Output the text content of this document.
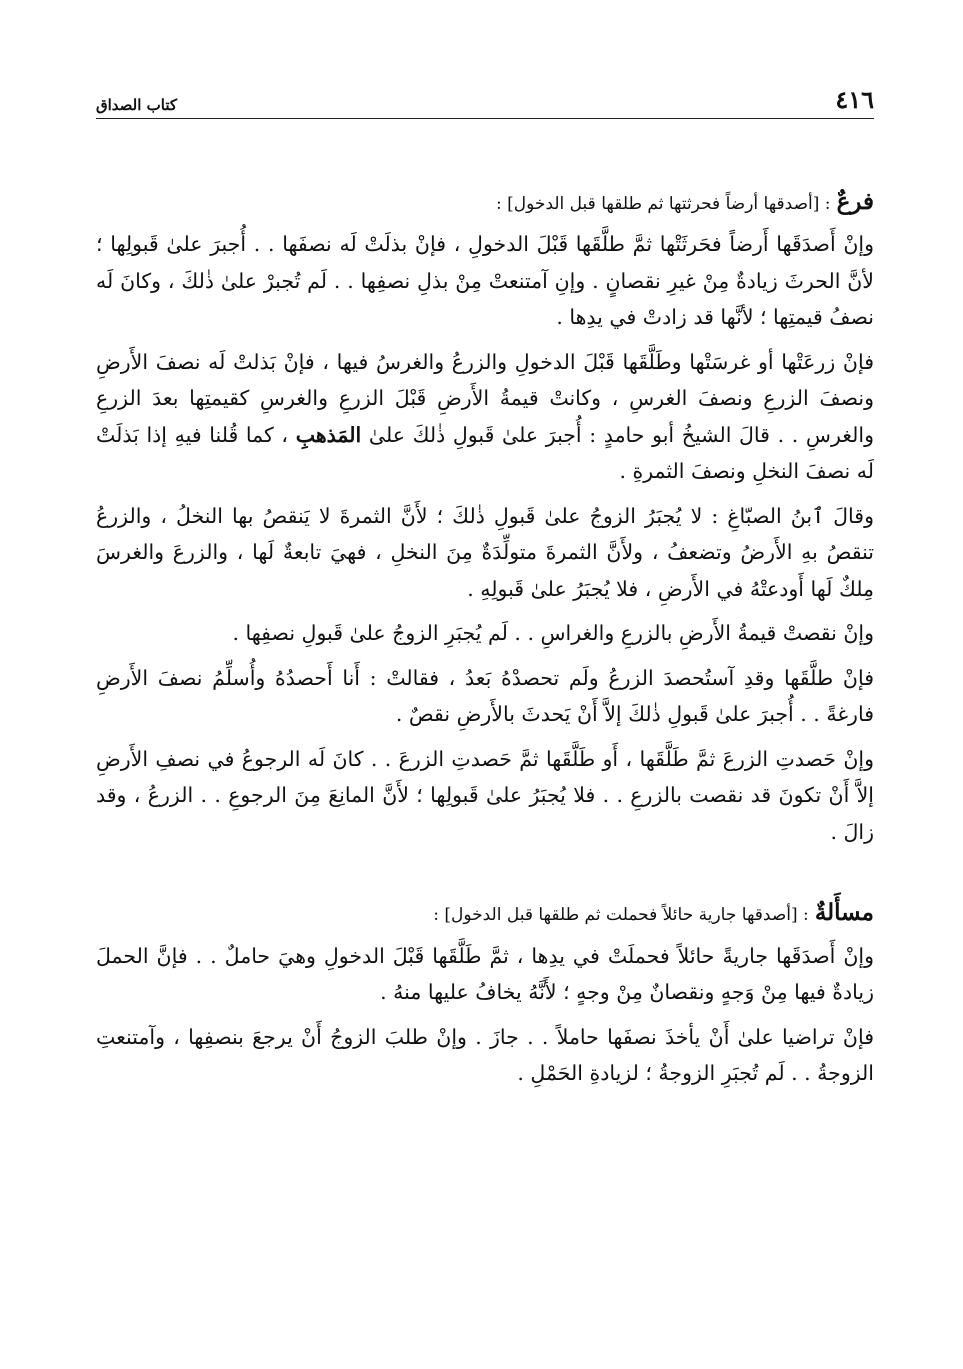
٤١٦
كتاب الصداق
فرعٌ : [أصدقها أرضاً فحرثتها ثم طلقها قبل الدخول] :

وإنْ أَصدَقَها أَرضاً فحَرثَتْها ثمَّ طلَّقَها قَبْلَ الدخولِ ، فإنْ بذلَتْ لَه نصفَها . . أُجبرَ علىٰ قَبولِها ؛ لأنَّ الحرثَ زيادةٌ مِنْ غيرِ نقصانٍ . وإنِ آمتنعتْ مِنْ بذلِ نصفِها . . لَم تُجبرْ علىٰ ذٰلكَ ، وكانَ لَه نصفُ قيمتِها ؛ لأنَّها قد زادتْ في يدِها .

فإنْ زرعَتْها أو غرسَتْها وطَلَّقَها قَبْلَ الدخولِ والزرعُ والغرسُ فيها ، فإنْ بَذلتْ لَه نصفَ الأَرضِ ونصفَ الزرعِ ونصفَ الغرسِ ، وكانتْ قيمةُ الأَرضِ قَبْلَ الزرعِ والغرسِ كقيمتِها بعدَ الزرعِ والغرسِ . . قالَ الشيخُ أبو حامدٍ : أُجبرَ علىٰ قَبولِ ذٰلكَ علىٰ المَذهبِ ، كما قُلنا فيهِ إذا بَذلَتْ لَه نصفَ النخلِ ونصفَ الثمرةِ .

وقالَ ٱبنُ الصبّاغِ : لا يُجبَرُ الزوجُ علىٰ قَبولِ ذٰلكَ ؛ لأَنَّ الثمرةَ لا يَنقصُ بها النخلُ ، والزرعُ تنقصُ بهِ الأَرضُ وتضعفُ ، ولأَنَّ الثمرةَ متولِّدَةٌ مِنَ النخلِ ، فهيَ تابعةٌ لَها ، والزرعَ والغرسَ مِلكٌ لَها أَودعتْهُ في الأَرضِ ، فلا يُجبَرُ علىٰ قَبولِهِ .

وإنْ نقصتْ قيمةُ الأَرضِ بالزرعِ والغراسِ . . لَم يُجبَرِ الزوجُ علىٰ قَبولِ نصفِها .

فإنْ طلَّقَها وقدِ آستُحصدَ الزرعُ ولَم تحصدْهُ بَعدُ ، فقالتْ : أَنا أَحصدُهُ وأُسلِّمُ نصفَ الأَرضِ فارغةً . . أُجبرَ علىٰ قَبولِ ذٰلكَ إلاَّ أَنْ يَحدثَ بالأَرضِ نقصٌ .

وإنْ حَصدتِ الزرعَ ثمَّ طَلَّقَها ، أَو طَلَّقَها ثمَّ حَصدتِ الزرعَ . . كانَ لَه الرجوعُ في نصفِ الأَرضِ إلاَّ أَنْ تكونَ قد نقصت بالزرعِ . . فلا يُجبَرُ علىٰ قَبولِها ؛ لأَنَّ المانِعَ مِنَ الرجوعِ . . الزرعُ ، وقد زالَ .

مسأَلةٌ : [أصدقها جارية حائلاً فحملت ثم طلقها قبل الدخول] :

وإنْ أَصدَقَها جاريةً حائلاً فحملَتْ في يدِها ، ثمَّ طَلَّقَها قَبْلَ الدخولِ وهيَ حاملٌ . . فإنَّ الحملَ زيادةٌ فيها مِنْ وَجهٍ ونقصانٌ مِنْ وجهٍ ؛ لأَنَّهُ يخافُ عليها منهُ .

فإنْ تراضيا علىٰ أَنْ يأخذَ نصفَها حاملاً . . جازَ . وإنْ طلبَ الزوجُ أَنْ يرجعَ بنصفِها ، وآمتنعتِ الزوجةُ . . لَم تُجبَرِ الزوجةُ ؛ لزيادةِ الحَمْلِ .
